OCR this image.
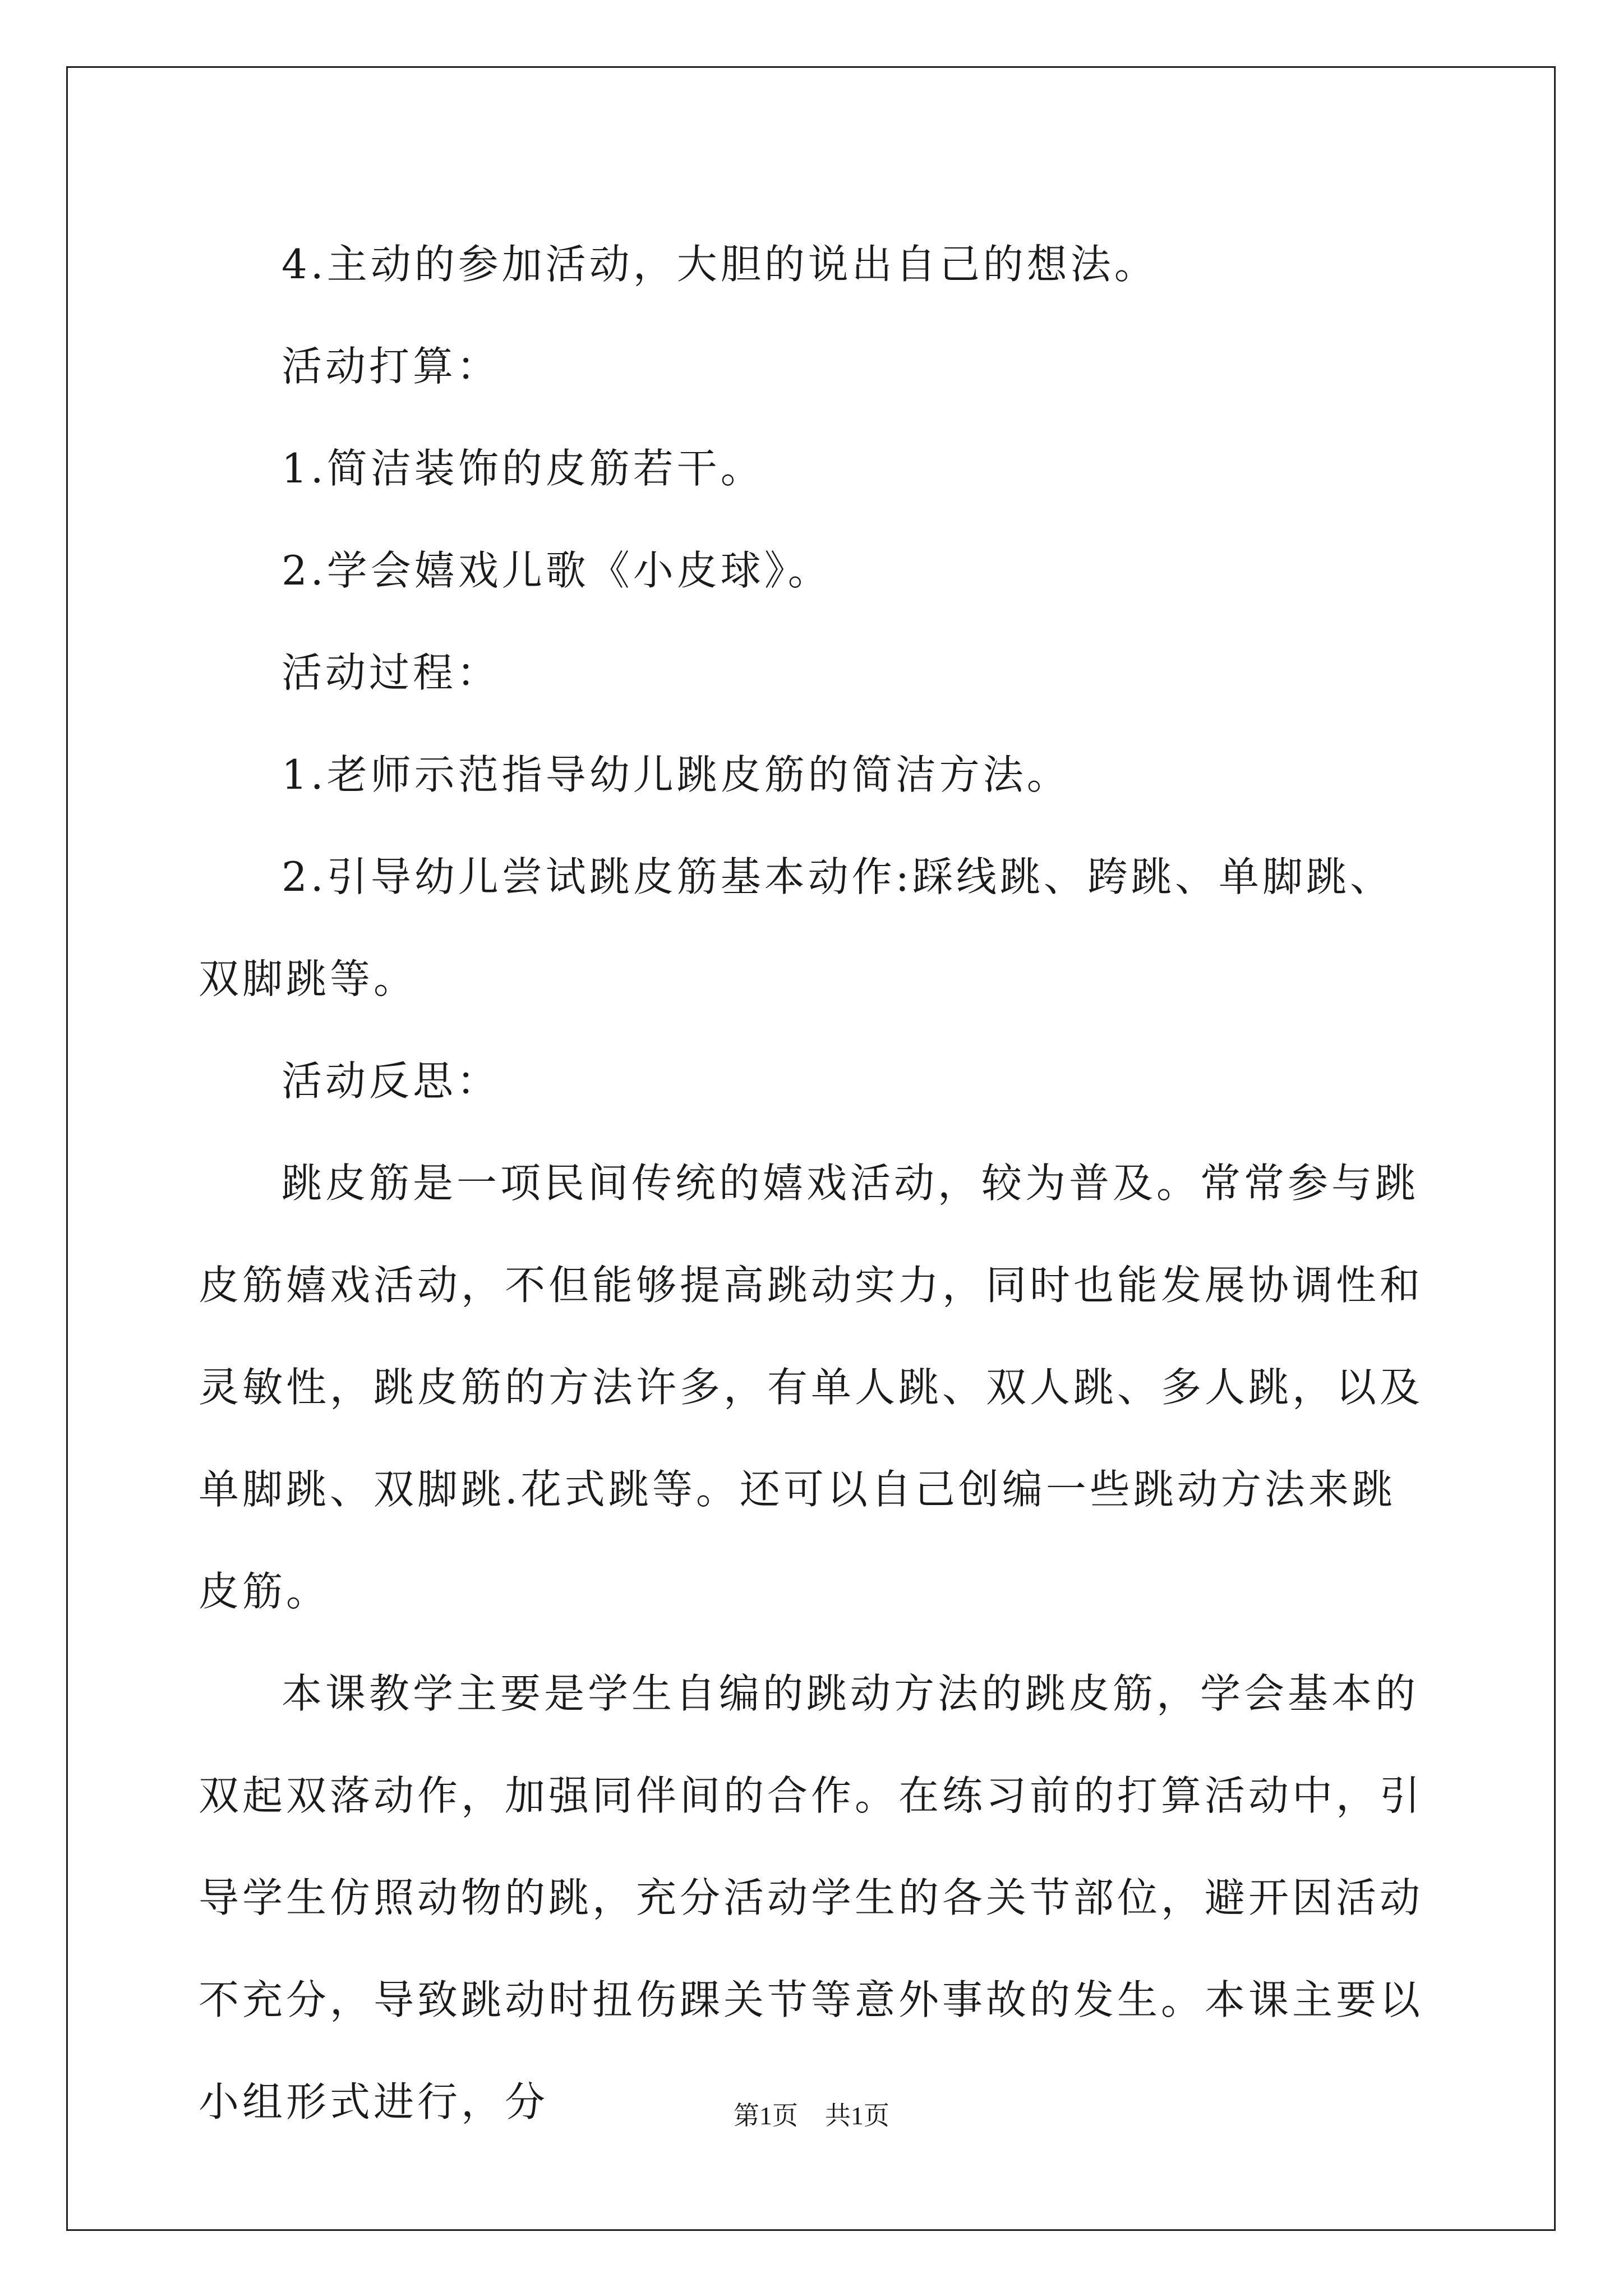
4.主动的参加活动，大胆的说出自己的想法。

活动打算：

1.简洁装饰的皮筋若干。

2.学会嬉戏儿歌《小皮球》。

活动过程：

1.老师示范指导幼儿跳皮筋的简洁方法。

2.引导幼儿尝试跳皮筋基本动作:踩线跳、跨跳、单脚跳、双脚跳等。

活动反思：

跳皮筋是一项民间传统的嬉戏活动，较为普及。常常参与跳皮筋嬉戏活动，不但能够提高跳动实力，同时也能发展协调性和灵敏性，跳皮筋的方法许多，有单人跳、双人跳、多人跳，以及单脚跳、双脚跳.花式跳等。还可以自己创编一些跳动方法来跳皮筋。

本课教学主要是学生自编的跳动方法的跳皮筋，学会基本的双起双落动作，加强同伴间的合作。在练习前的打算活动中，引导学生仿照动物的跳，充分活动学生的各关节部位，避开因活动不充分，导致跳动时扭伤踝关节等意外事故的发生。本课主要以小组形式进行，分	第1页 共1页
